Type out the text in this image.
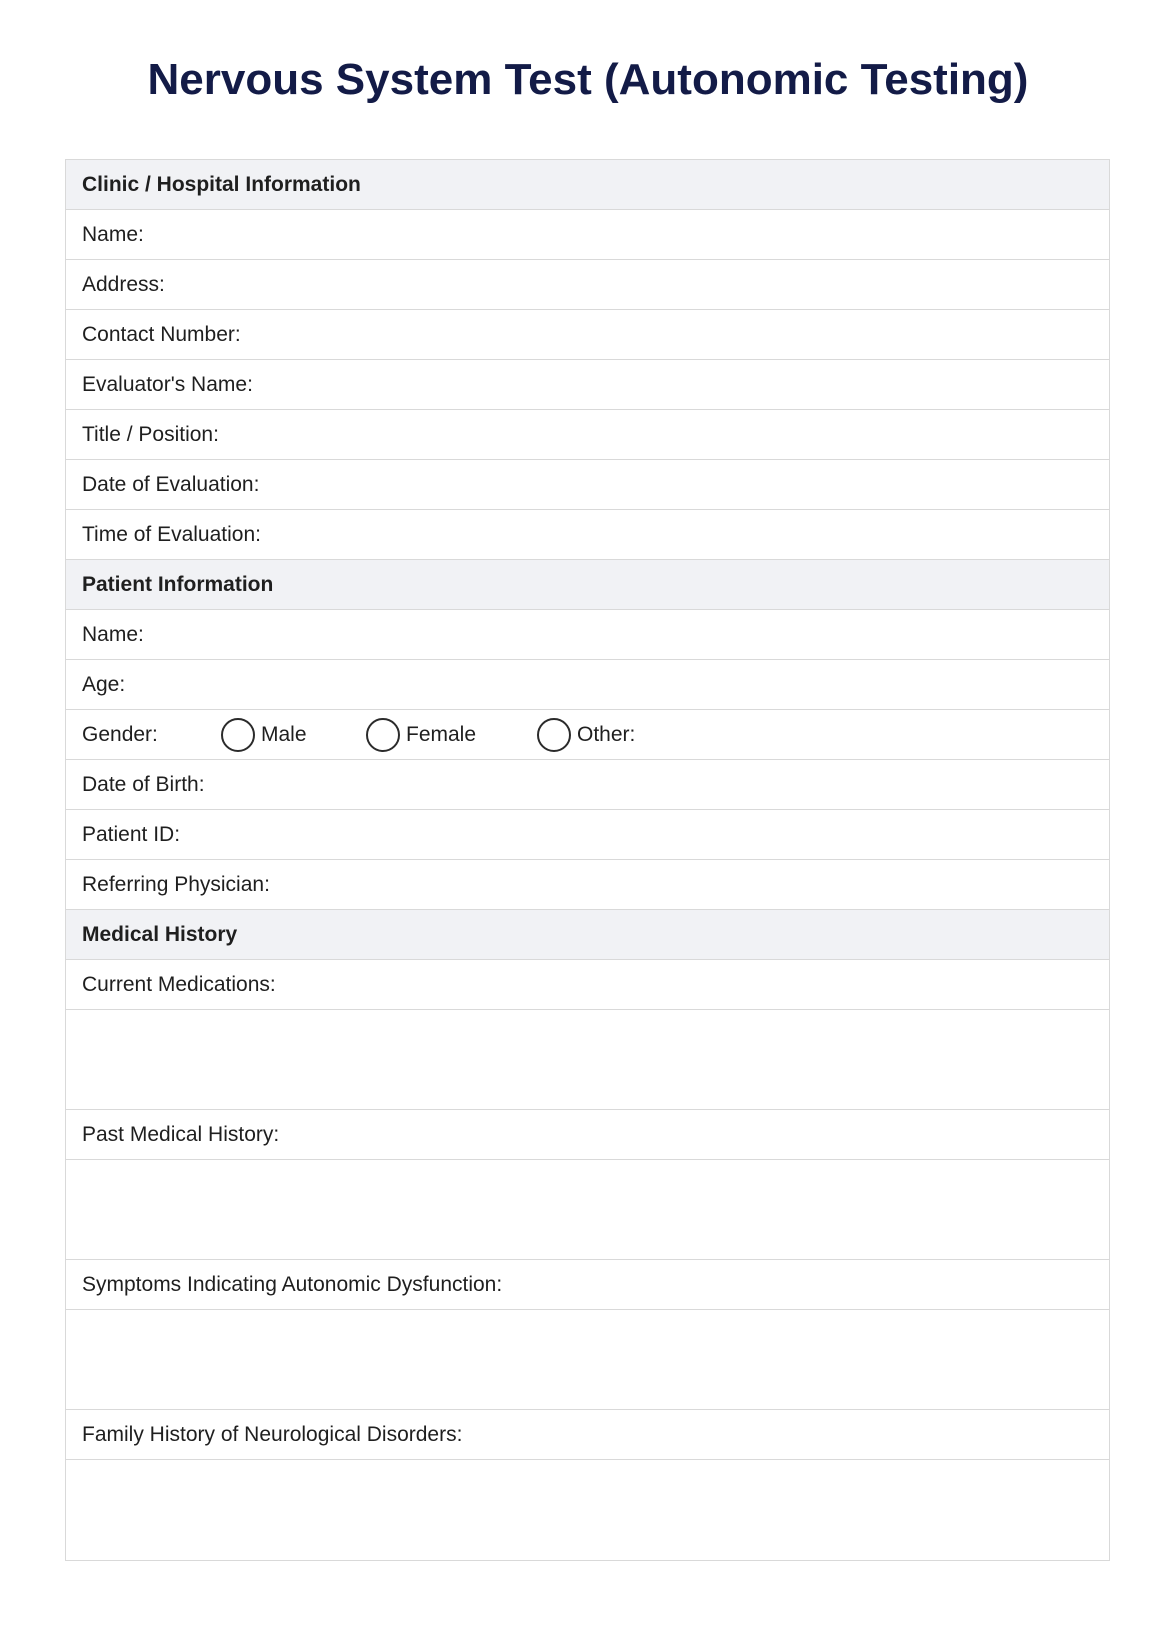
Nervous System Test (Autonomic Testing)
Clinic / Hospital Information
Name:
Address:
Contact Number:
Evaluator's Name:
Title / Position:
Date of Evaluation:
Time of Evaluation:
Patient Information
Name:
Age:
Gender:	Male	Female	Other:
Date of Birth:
Patient ID:
Referring Physician:
Medical History
Current Medications:
Past Medical History:
Symptoms Indicating Autonomic Dysfunction:
Family History of Neurological Disorders:
